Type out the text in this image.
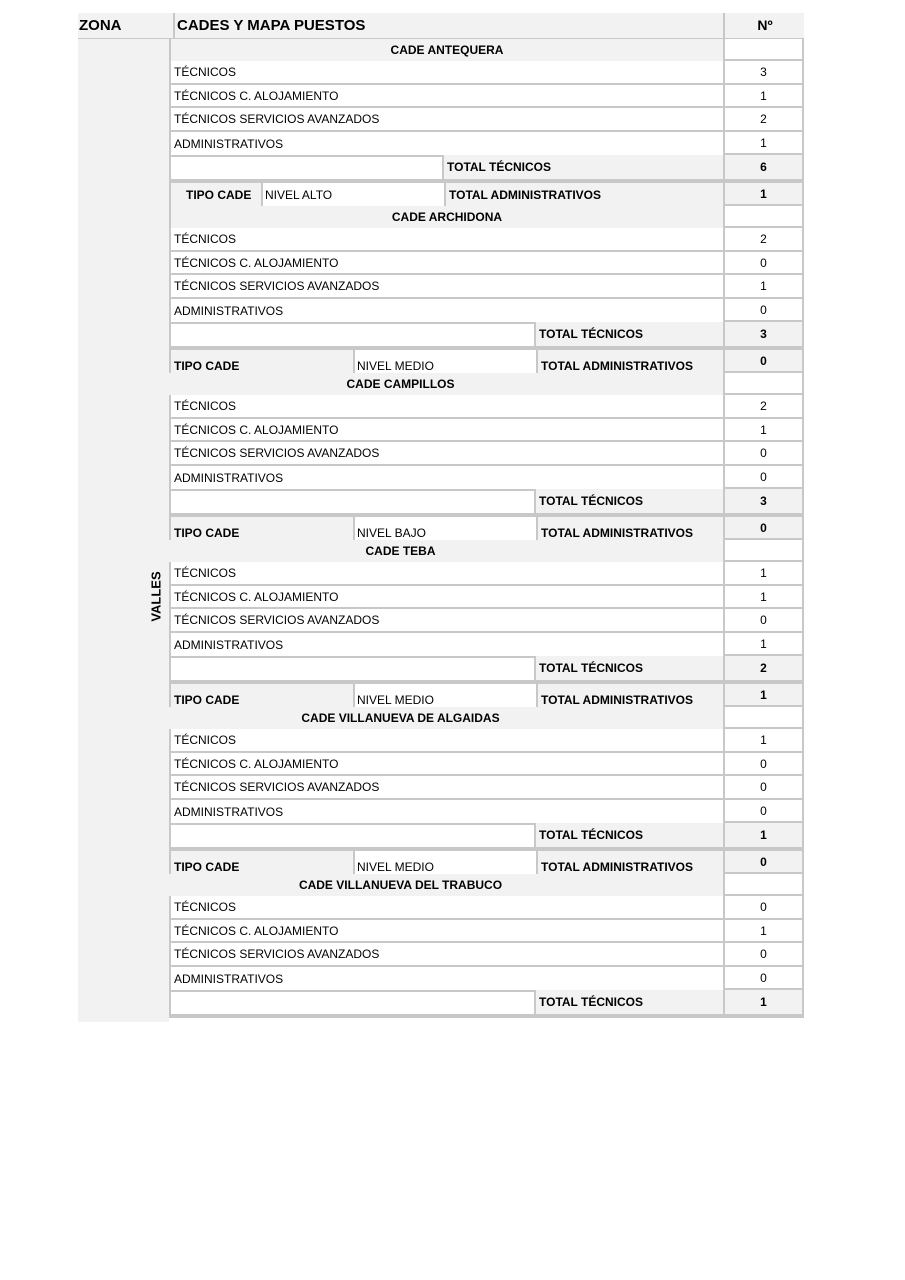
ZONA	CADES Y MAPA PUESTOS	Nº
VALLES
CADE ANTEQUERA
TÉCNICOS	3
TÉCNICOS C. ALOJAMIENTO	1
TÉCNICOS SERVICIOS AVANZADOS	2
ADMINISTRATIVOS	1
TOTAL TÉCNICOS	6
TIPO CADE	NIVEL ALTO	TOTAL ADMINISTRATIVOS	1
CADE ARCHIDONA
TÉCNICOS	2
TÉCNICOS C. ALOJAMIENTO	0
TÉCNICOS SERVICIOS AVANZADOS	1
ADMINISTRATIVOS	0
TOTAL TÉCNICOS	3
TIPO CADE	NIVEL MEDIO	TOTAL ADMINISTRATIVOS	0
CADE CAMPILLOS
TÉCNICOS	2
TÉCNICOS C. ALOJAMIENTO	1
TÉCNICOS SERVICIOS AVANZADOS	0
ADMINISTRATIVOS	0
TOTAL TÉCNICOS	3
TIPO CADE	NIVEL BAJO	TOTAL ADMINISTRATIVOS	0
CADE TEBA
TÉCNICOS	1
TÉCNICOS C. ALOJAMIENTO	1
TÉCNICOS SERVICIOS AVANZADOS	0
ADMINISTRATIVOS	1
TOTAL TÉCNICOS	2
TIPO CADE	NIVEL MEDIO	TOTAL ADMINISTRATIVOS	1
CADE VILLANUEVA DE ALGAIDAS
TÉCNICOS	1
TÉCNICOS C. ALOJAMIENTO	0
TÉCNICOS SERVICIOS AVANZADOS	0
ADMINISTRATIVOS	0
TOTAL TÉCNICOS	1
TIPO CADE	NIVEL MEDIO	TOTAL ADMINISTRATIVOS	0
CADE VILLANUEVA DEL TRABUCO
TÉCNICOS	0
TÉCNICOS C. ALOJAMIENTO	1
TÉCNICOS SERVICIOS AVANZADOS	0
ADMINISTRATIVOS	0
TOTAL TÉCNICOS	1
